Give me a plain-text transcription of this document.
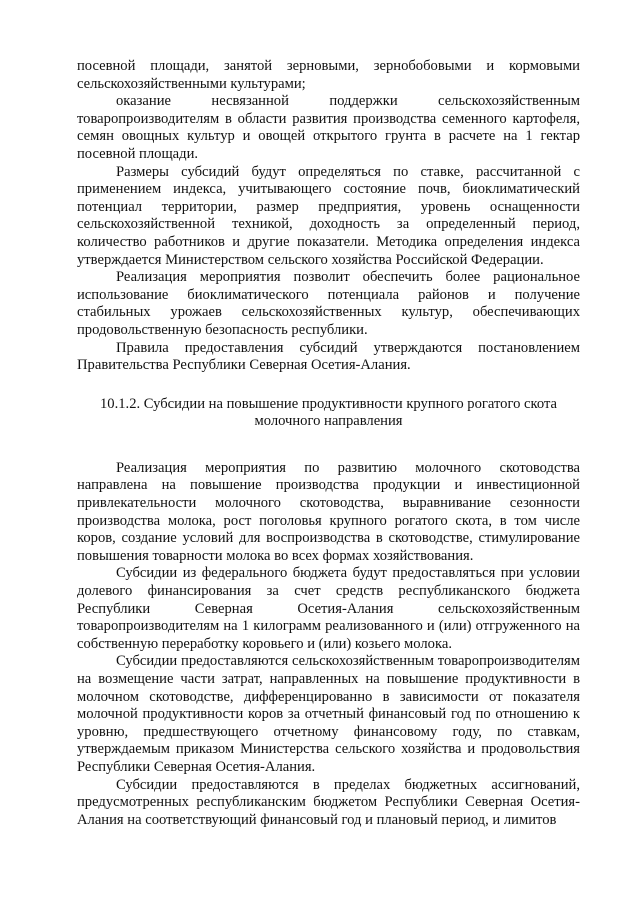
посевной площади, занятой зерновыми, зернобобовыми и кормовыми сельскохозяйственными культурами;

оказание несвязанной поддержки сельскохозяйственным товаропроизводителям в области развития производства семенного картофеля, семян овощных культур и овощей открытого грунта в расчете на 1 гектар посевной площади.

Размеры субсидий будут определяться по ставке, рассчитанной с применением индекса, учитывающего состояние почв, биоклиматический потенциал территории, размер предприятия, уровень оснащенности сельскохозяйственной техникой, доходность за определенный период, количество работников и другие показатели. Методика определения индекса утверждается Министерством сельского хозяйства Российской Федерации.

Реализация мероприятия позволит обеспечить более рациональное использование биоклиматического потенциала районов и получение стабильных урожаев сельскохозяйственных культур, обеспечивающих продовольственную безопасность республики.

Правила предоставления субсидий утверждаются постановлением Правительства Республики Северная Осетия-Алания.

10.1.2. Субсидии на повышение продуктивности крупного рогатого скота молочного направления

Реализация мероприятия по развитию молочного скотоводства направлена на повышение производства продукции и инвестиционной привлекательности молочного скотоводства, выравнивание сезонности производства молока, рост поголовья крупного рогатого скота, в том числе коров, создание условий для воспроизводства в скотоводстве, стимулирование повышения товарности молока во всех формах хозяйствования.

Субсидии из федерального бюджета будут предоставляться при условии долевого финансирования за счет средств республиканского бюджета Республики Северная Осетия-Алания сельскохозяйственным товаропроизводителям на 1 килограмм реализованного и (или) отгруженного на собственную переработку коровьего и (или) козьего молока.

Субсидии предоставляются сельскохозяйственным товаропроизводителям на возмещение части затрат, направленных на повышение продуктивности в молочном скотоводстве, дифференцированно в зависимости от показателя молочной продуктивности коров за отчетный финансовый год по отношению к уровню, предшествующего отчетному финансовому году, по ставкам, утверждаемым приказом Министерства сельского хозяйства и продовольствия Республики Северная Осетия-Алания.

Субсидии предоставляются в пределах бюджетных ассигнований, предусмотренных республиканским бюджетом Республики Северная Осетия-Алания на соответствующий финансовый год и плановый период, и лимитов
